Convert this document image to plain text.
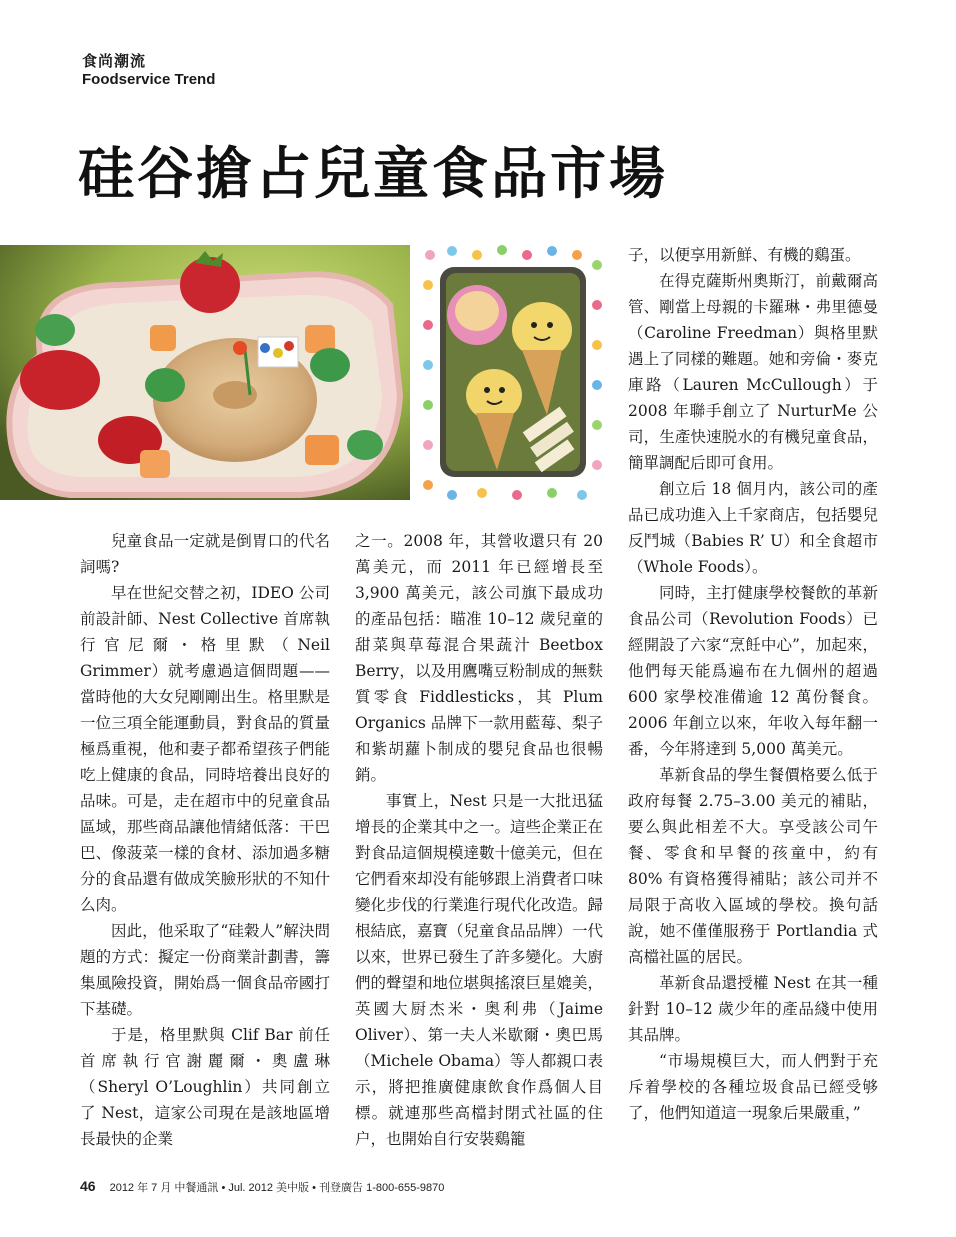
食尚潮流
Foodservice Trend
硅谷搶占兒童食品市場

兒童食品一定就是倒胃口的代名詞嗎?

早在世紀交替之初，IDEO 公司前設計師、Nest Collective 首席執行官尼爾・格里默（Neil Grimmer）就考慮過這個問題——當時他的大女兒剛剛出生。格里默是一位三項全能運動員，對食品的質量極爲重視，他和妻子都希望孩子們能吃上健康的食品，同時培養出良好的品味。可是，走在超市中的兒童食品區域，那些商品讓他情緒低落：干巴巴、像菠菜一樣的食材、添加過多糖分的食品還有做成笑臉形狀的不知什么肉。

因此，他采取了“硅穀人”解決問題的方式：擬定一份商業計劃書，籌集風險投資，開始爲一個食品帝國打下基礎。

于是，格里默與 Clif Bar 前任首席執行官謝麗爾・奧盧琳（Sheryl O’Loughlin）共同創立了 Nest，這家公司現在是該地區增長最快的企業

之一。2008 年，其營收還只有 20 萬美元，而 2011 年已經增長至 3,900 萬美元，該公司旗下最成功的產品包括：瞄准 10–12 歲兒童的甜菜與草莓混合果蔬汁 Beetbox Berry，以及用鷹嘴豆粉制成的無麩質零食 Fiddlesticks，其 Plum Organics 品牌下一款用藍莓、梨子和紫胡蘿卜制成的嬰兒食品也很暢銷。

事實上，Nest 只是一大批迅猛增長的企業其中之一。這些企業正在對食品這個規模達數十億美元，但在它們看來却没有能够跟上消費者口味變化步伐的行業進行現代化改造。歸根結底，嘉寶（兒童食品品牌）一代以來，世界已發生了許多變化。大廚們的聲望和地位堪與搖滾巨星媲美，英國大厨杰米・奥利弗（Jaime Oliver）、第一夫人米歇爾・奧巴馬（Michele Obama）等人都親口表示，將把推廣健康飲食作爲個人目標。就連那些高檔封閉式社區的住户，也開始自行安裝鷄籠

子，以便享用新鮮、有機的鷄蛋。

在得克薩斯州奧斯汀，前戴爾高管、剛當上母親的卡羅琳・弗里德曼（Caroline Freedman）與格里默遇上了同樣的難題。她和旁倫・麥克庫路（Lauren McCullough）于 2008 年聯手創立了 NurturMe 公司，生產快速脱水的有機兒童食品，簡單調配后即可食用。

創立后 18 個月内，該公司的產品已成功進入上千家商店，包括嬰兒反鬥城（Babies R’ U）和全食超市（Whole Foods）。

同時，主打健康學校餐飲的革新食品公司（Revolution Foods）已經開設了六家“烹飪中心”，加起來，他們每天能爲遍布在九個州的超過 600 家學校准備逾 12 萬份餐食。2006 年創立以來，年收入每年翻一番，今年將達到 5,000 萬美元。

革新食品的學生餐價格要么低于政府每餐 2.75–3.00 美元的補貼，要么與此相差不大。享受該公司午餐、零食和早餐的孩童中，約有 80% 有資格獲得補貼；該公司并不局限于高收入區域的學校。換句話說，她不僅僅服務于 Portlandia 式高檔社區的居民。

革新食品還授權 Nest 在其一種針對 10–12 歲少年的產品綫中使用其品牌。

“市場規模巨大，而人們對于充斥着學校的各種垃圾食品已經受够了，他們知道這一現象后果嚴重，”

46 2012 年 7 月 中餐通訊 • Jul. 2012 美中版 • 刊登廣告 1-800-655-9870
